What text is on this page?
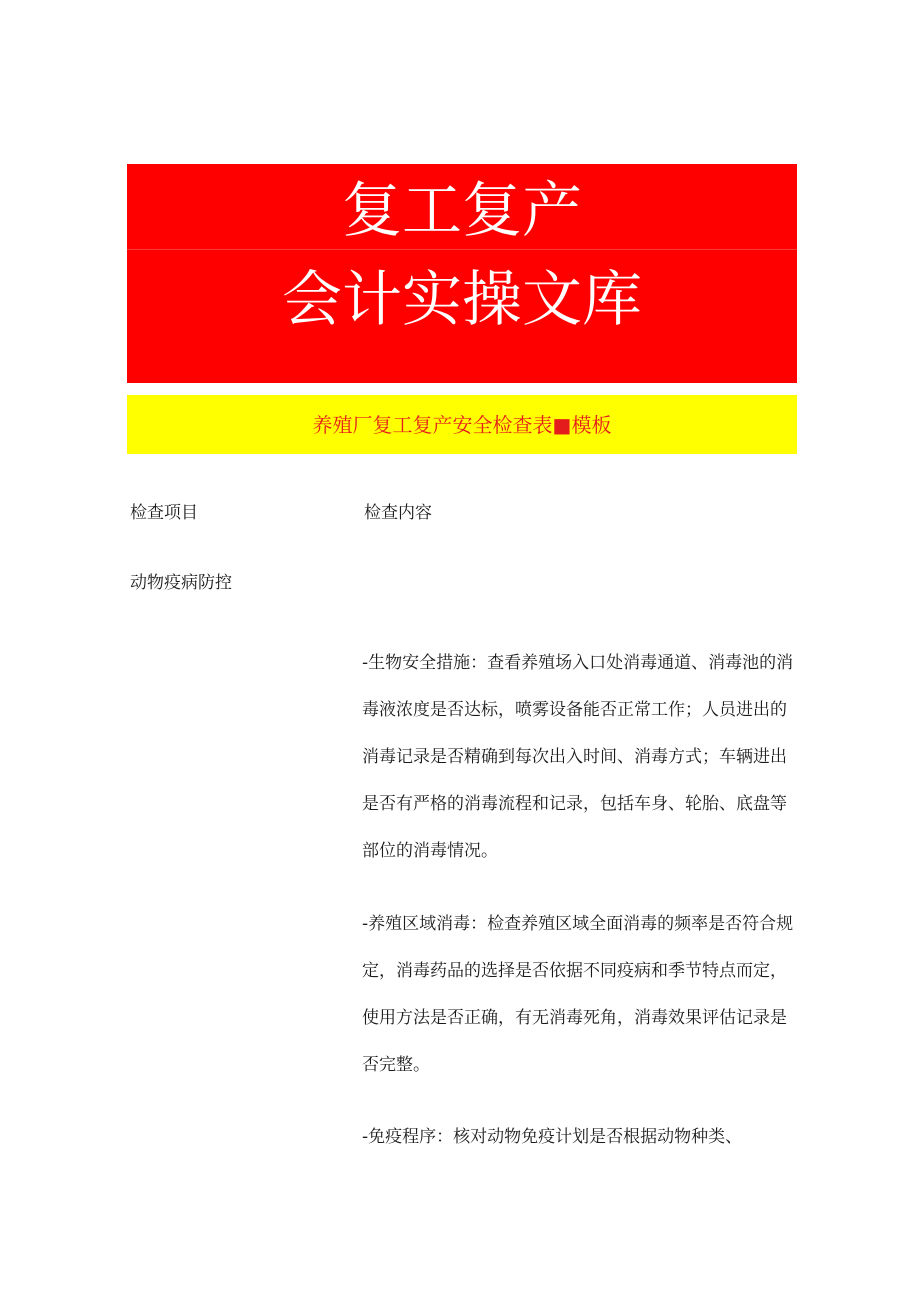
复工复产
会计实操文库
养殖厂复工复产安全检查表■模板
检查项目	检查内容
动物疫病防控

-生物安全措施：查看养殖场入口处消毒通道、消毒池的消毒液浓度是否达标，喷雾设备能否正常工作；人员进出的消毒记录是否精确到每次出入时间、消毒方式；车辆进出是否有严格的消毒流程和记录，包括车身、轮胎、底盘等部位的消毒情况。

-养殖区域消毒：检查养殖区域全面消毒的频率是否符合规定，消毒药品的选择是否依据不同疫病和季节特点而定，使用方法是否正确，有无消毒死角，消毒效果评估记录是否完整。

-免疫程序：核对动物免疫计划是否根据动物种类、
